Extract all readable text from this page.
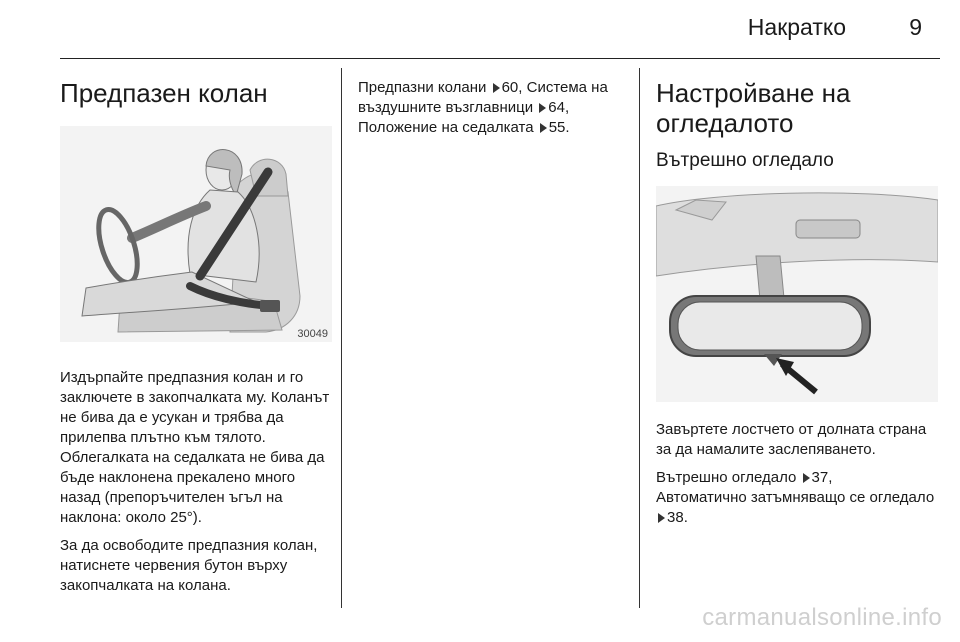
Накратко	9
Предпазен колан
30049

Издърпайте предпазния колан и го заключете в закопчалката му. Коланът не бива да е усукан и трябва да прилепва плътно към тялото. Облегалката на седалката не бива да бъде наклонена прекалено много назад (препоръчителен ъгъл на наклона: около 25°).

За да освободите предпазния колан, натиснете червения бутон върху закопчалката на колана.

Предпазни колани 60, Система на въздушните възглавници 64, Положение на седалката 55.

Настройване на огледалото
Вътрешно огледало

Завъртете лостчето от долната страна за да намалите заслепяването.

Вътрешно огледало 37,
Автоматично затъмняващо се огледало 38.

carmanualsonline.info
